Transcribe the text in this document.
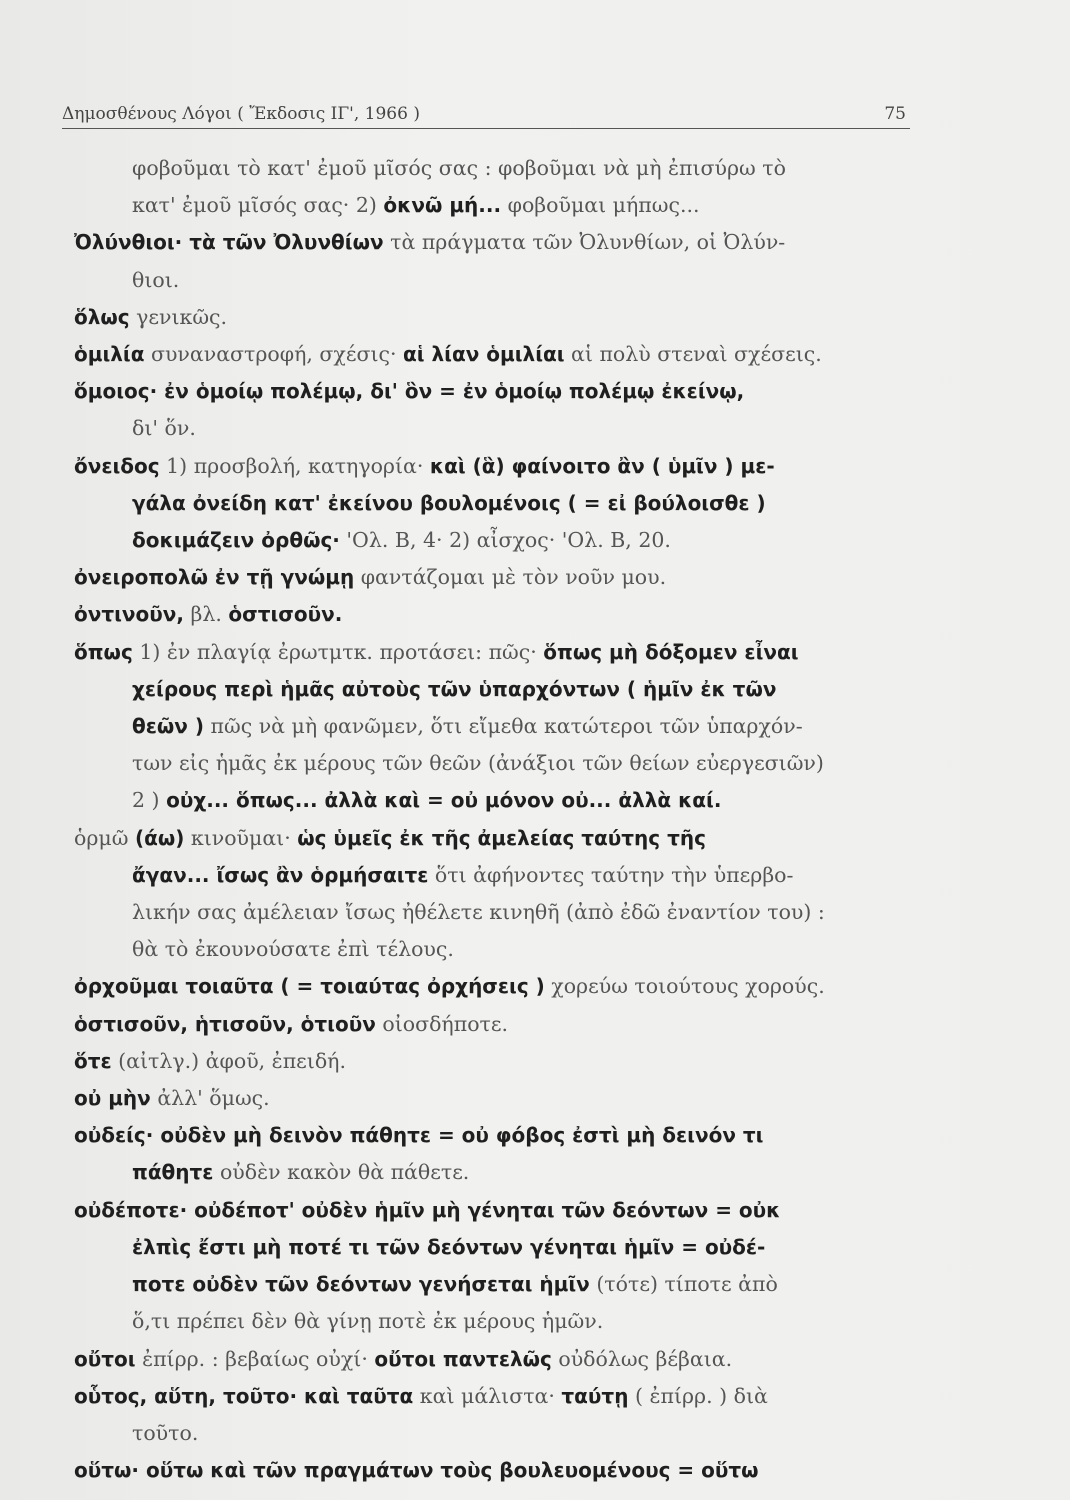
Δημοσθένους Λόγοι ( Ἔκδοσις ΙΓ', 1966 )	75
φοβοῦμαι τὸ κατ' ἐμοῦ μῖσός σας : φοβοῦμαι νὰ μὴ ἐπισύρω τὸ
κατ' ἐμοῦ μῖσός σας· 2) ὀκνῶ μή... φοβοῦμαι μήπως...
Ὀλύνθιοι· τὰ τῶν Ὀλυνθίων τὰ πράγματα τῶν Ὀλυνθίων, οἱ Ὀλύν-
θιοι.
ὅλως γενικῶς.
ὁμιλία συναναστροφή, σχέσις· αἱ λίαν ὁμιλίαι αἱ πολὺ στεναὶ σχέσεις.
ὅμοιος· ἐν ὁμοίῳ πολέμῳ, δι' ὃν = ἐν ὁμοίῳ πολέμῳ ἐκείνῳ,
δι' ὅν.
ὄνειδος 1) προσβολή, κατηγορία· καὶ (ἃ) φαίνοιτο ἂν ( ὑμῖν ) με-
γάλα ὀνείδη κατ' ἐκείνου βουλομένοις ( = εἰ βούλοισθε )
δοκιμάζειν ὀρθῶς· 'Ολ. Β, 4· 2) αἶσχος· 'Ολ. Β, 20.
ὀνειροπολῶ ἐν τῇ γνώμῃ φαντάζομαι μὲ τὸν νοῦν μου.
ὀντινοῦν, βλ. ὁστισοῦν.
ὅπως 1) ἐν πλαγίᾳ ἐρωτμτκ. προτάσει: πῶς· ὅπως μὴ δόξομεν εἶναι
χείρους περὶ ἡμᾶς αὐτοὺς τῶν ὑπαρχόντων ( ἡμῖν ἐκ τῶν
θεῶν ) πῶς νὰ μὴ φανῶμεν, ὅτι εἴμεθα κατώτεροι τῶν ὑπαρχόν-
των εἰς ἡμᾶς ἐκ μέρους τῶν θεῶν (ἀνάξιοι τῶν θείων εὐεργεσιῶν)
2 ) οὐχ... ὅπως... ἀλλὰ καὶ = οὐ μόνον οὐ... ἀλλὰ καί.
ὁρμῶ (άω) κινοῦμαι· ὡς ὑμεῖς ἐκ τῆς ἀμελείας ταύτης τῆς
ἄγαν... ἴσως ἂν ὁρμήσαιτε ὅτι ἀφήνοντες ταύτην τὴν ὑπερβο-
λικήν σας ἀμέλειαν ἴσως ἠθέλετε κινηθῆ (ἀπὸ ἐδῶ ἐναντίον του) :
θὰ τὸ ἐκουνούσατε ἐπὶ τέλους.
ὀρχοῦμαι τοιαῦτα ( = τοιαύτας ὀρχήσεις ) χορεύω τοιούτους χορούς.
ὁστισοῦν, ἡτισοῦν, ὁτιοῦν οἰοσδήποτε.
ὅτε (αἰτλγ.) ἀφοῦ, ἐπειδή.
οὐ μὴν ἀλλ' ὅμως.
οὐδείς· οὐδὲν μὴ δεινὸν πάθητε = οὐ φόβος ἐστὶ μὴ δεινόν τι
πάθητε οὐδὲν κακὸν θὰ πάθετε.
οὐδέποτε· οὐδέποτ' οὐδὲν ἡμῖν μὴ γένηται τῶν δεόντων = οὐκ
ἐλπὶς ἔστι μὴ ποτέ τι τῶν δεόντων γένηται ἡμῖν = οὐδέ-
ποτε οὐδὲν τῶν δεόντων γενήσεται ἡμῖν (τότε) τίποτε ἀπὸ
ὅ,τι πρέπει δὲν θὰ γίνῃ ποτὲ ἐκ μέρους ἡμῶν.
οὔτοι ἐπίρρ. : βεβαίως οὐχί· οὔτοι παντελῶς οὐδόλως βέβαια.
οὗτος, αὕτη, τοῦτο· καὶ ταῦτα καὶ μάλιστα· ταύτῃ ( ἐπίρρ. ) διὰ
τοῦτο.
οὕτω· οὕτω καὶ τῶν πραγμάτων τοὺς βουλευομένους = οὕτω
